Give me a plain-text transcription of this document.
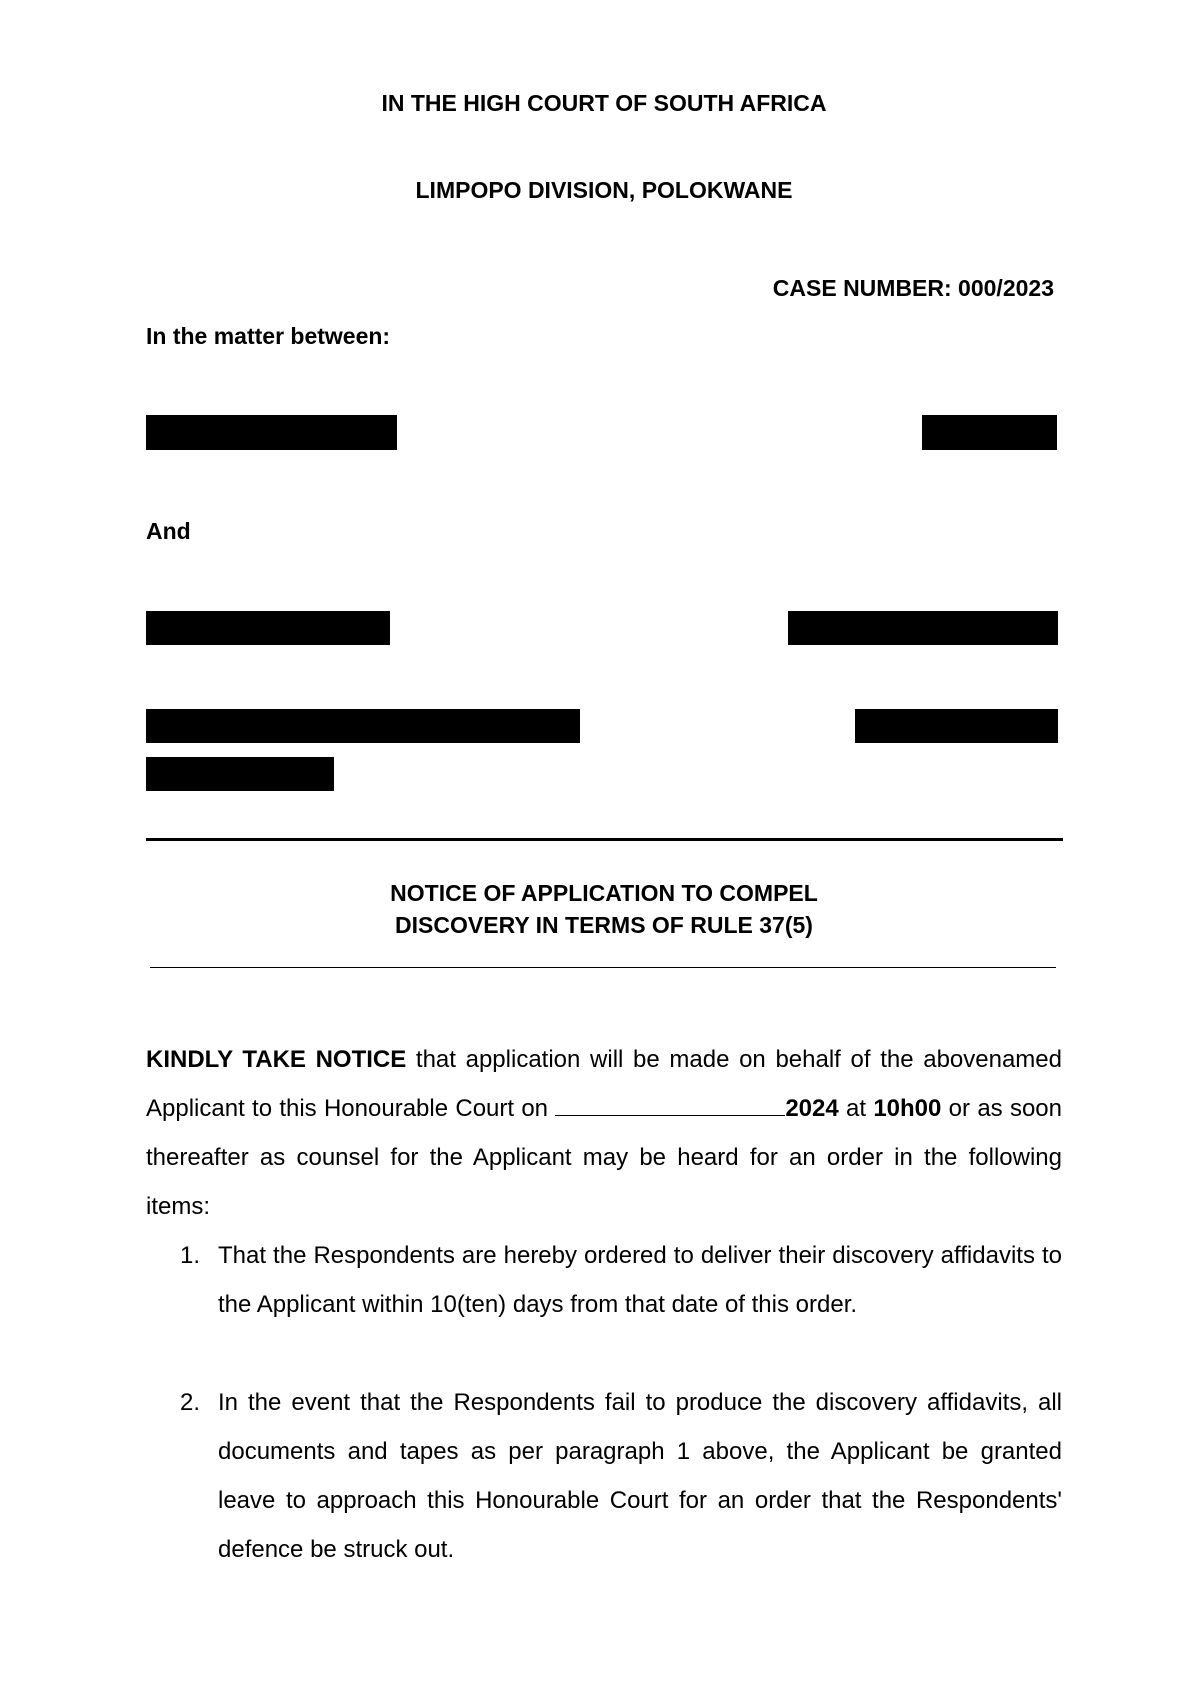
IN THE HIGH COURT OF SOUTH AFRICA
LIMPOPO DIVISION, POLOKWANE
CASE NUMBER: 000/2023
In the matter between:
And
NOTICE OF APPLICATION TO COMPEL
DISCOVERY IN TERMS OF RULE 37(5)
KINDLY TAKE NOTICE that application will be made on behalf of the abovenamed Applicant to this Honourable Court on	2024 at 10h00 or as soon thereafter as counsel for the Applicant may be heard for an order in the following items:
1. That the Respondents are hereby ordered to deliver their discovery affidavits to the Applicant within 10(ten) days from that date of this order.
2. In the event that the Respondents fail to produce the discovery affidavits, all documents and tapes as per paragraph 1 above, the Applicant be granted leave to approach this Honourable Court for an order that the Respondents' defence be struck out.
